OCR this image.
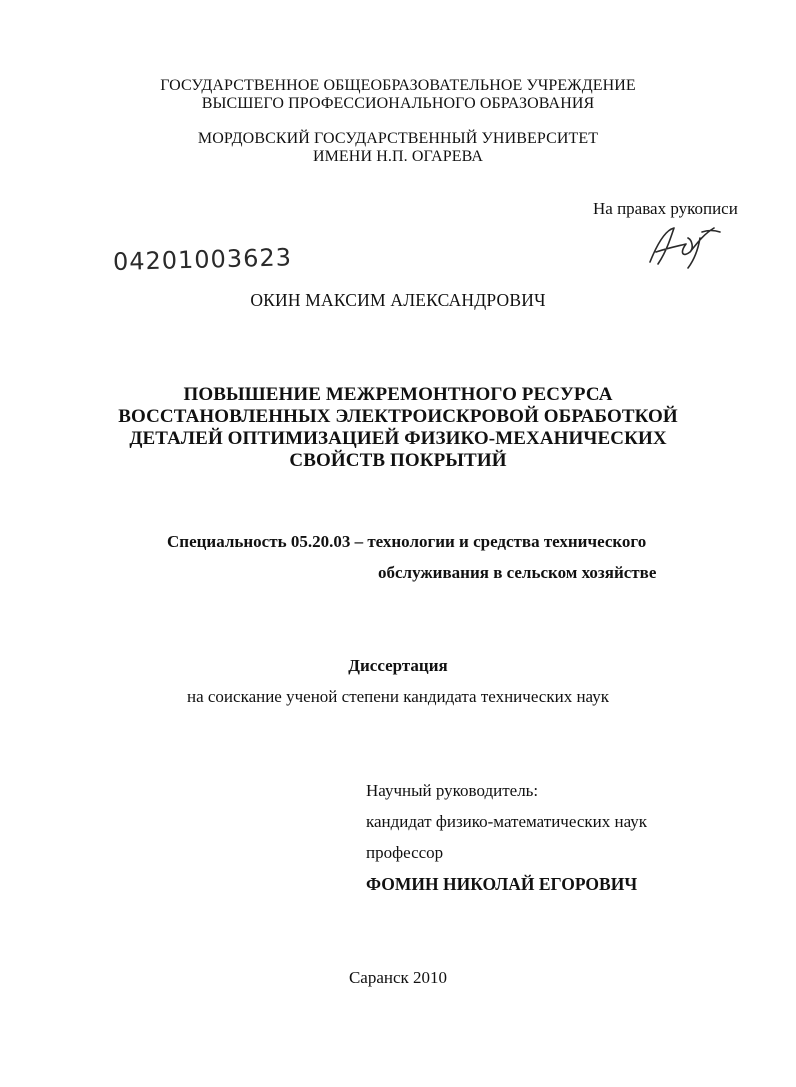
ГОСУДАРСТВЕННОЕ ОБЩЕОБРАЗОВАТЕЛЬНОЕ УЧРЕЖДЕНИЕ
ВЫСШЕГО ПРОФЕССИОНАЛЬНОГО ОБРАЗОВАНИЯ
МОРДОВСКИЙ ГОСУДАРСТВЕННЫЙ УНИВЕРСИТЕТ
ИМЕНИ Н.П. ОГАРЕВА
На правах рукописи
04201003623
ОКИН МАКСИМ АЛЕКСАНДРОВИЧ
ПОВЫШЕНИЕ МЕЖРЕМОНТНОГО РЕСУРСА
ВОССТАНОВЛЕННЫХ ЭЛЕКТРОИСКРОВОЙ ОБРАБОТКОЙ
ДЕТАЛЕЙ ОПТИМИЗАЦИЕЙ ФИЗИКО-МЕХАНИЧЕСКИХ
СВОЙСТВ ПОКРЫТИЙ
Специальность 05.20.03 – технологии и средства технического
обслуживания в сельском хозяйстве
Диссертация
на соискание ученой степени кандидата технических наук
Научный руководитель:
кандидат физико-математических наук
профессор
ФОМИН НИКОЛАЙ ЕГОРОВИЧ
Саранск 2010
